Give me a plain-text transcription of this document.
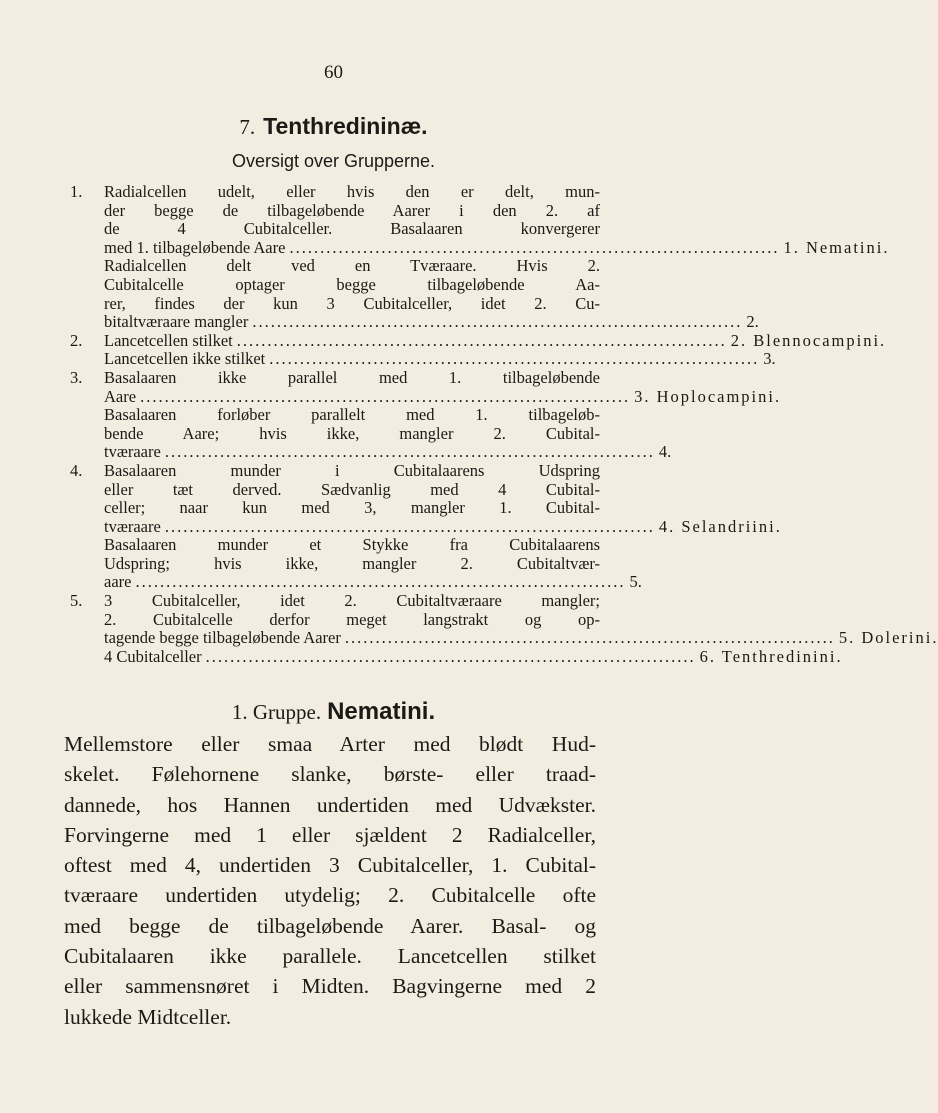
60
7. Tenthredininæ.
Oversigt over Grupperne.
1.	Radialcellen udelt, eller hvis den er delt, mun-
der begge de tilbageløbende Aarer i den 2. af
de 4 Cubitalceller. Basalaaren konvergerer
med 1. tilbageløbende Aare ................................................................................ 1. Nematini.
Radialcellen delt ved en Tværaare. Hvis 2.
Cubitalcelle optager begge tilbageløbende Aa-
rer, findes der kun 3 Cubitalceller, idet 2. Cu-
bitaltværaare mangler ................................................................................ 2.
2.	Lancetcellen stilket ................................................................................ 2. Blennocampini.
Lancetcellen ikke stilket ................................................................................ 3.
3.	Basalaaren ikke parallel med 1. tilbageløbende
Aare ................................................................................ 3. Hoplocampini.
Basalaaren forløber parallelt med 1. tilbageløb-
bende Aare; hvis ikke, mangler 2. Cubital-
tværaare ................................................................................ 4.
4.	Basalaaren munder i Cubitalaarens Udspring
eller tæt derved. Sædvanlig med 4 Cubital-
celler; naar kun med 3, mangler 1. Cubital-
tværaare ................................................................................ 4. Selandriini.
Basalaaren munder et Stykke fra Cubitalaarens
Udspring; hvis ikke, mangler 2. Cubitaltvær-
aare ................................................................................ 5.
5.	3 Cubitalceller, idet 2. Cubitaltværaare mangler;
2. Cubitalcelle derfor meget langstrakt og op-
tagende begge tilbageløbende Aarer ................................................................................ 5. Dolerini.
4 Cubitalceller ................................................................................ 6. Tenthredinini.
1. Gruppe. Nematini.
Mellemstore eller smaa Arter med blødt Hud-
skelet. Følehornene slanke, børste- eller traad-
dannede, hos Hannen undertiden med Udvækster.
Forvingerne med 1 eller sjældent 2 Radialceller,
oftest med 4, undertiden 3 Cubitalceller, 1. Cubital-
tværaare undertiden utydelig; 2. Cubitalcelle ofte
med begge de tilbageløbende Aarer. Basal- og
Cubitalaaren ikke parallele. Lancetcellen stilket
eller sammensnøret i Midten. Bagvingerne med 2
lukkede Midtceller.
